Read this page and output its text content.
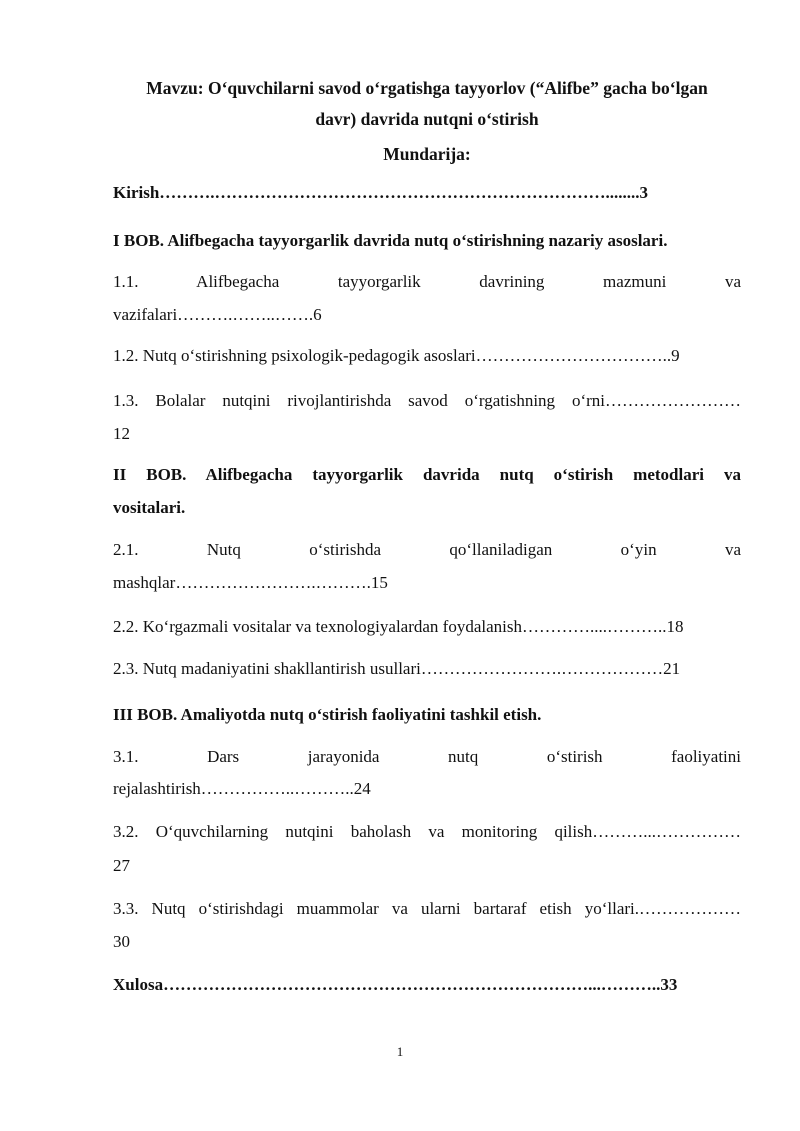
Mavzu: O‘quvchilarni savod o‘rgatishga tayyorlov (“Alifbe” gacha bo‘lgan
davr) davrida nutqni o‘stirish
Mundarija:
Kirish……….……………………………………………………………........3
I BOB. Alifbegacha tayyorgarlik davrida nutq o‘stirishning nazariy asoslari.
1.1. Alifbegacha tayyorgarlik davrining mazmuni va
vazifalari……….……..…….6
1.2. Nutq o‘stirishning psixologik-pedagogik asoslari……………………………..9
1.3. Bolalar nutqini rivojlantirishda savod o‘rgatishning o‘rni……………………
12
II BOB. Alifbegacha tayyorgarlik davrida nutq o‘stirish metodlari va
vositalari.
2.1. Nutq o‘stirishda qo‘llaniladigan o‘yin va
mashqlar…………………….……….15
2.2. Ko‘rgazmali vositalar va texnologiyalardan foydalanish…………....………..18
2.3. Nutq madaniyatini shakllantirish usullari…………………….………………21
III BOB. Amaliyotda nutq o‘stirish faoliyatini tashkil etish.
3.1. Dars jarayonida nutq o‘stirish faoliyatini
rejalashtirish……………..………..24
3.2. O‘quvchilarning nutqini baholash va monitoring qilish………...……………
27
3.3. Nutq o‘stirishdagi muammolar va ularni bartaraf etish yo‘llari.………………
30
Xulosa…………………………………………………………………...………..33
1
